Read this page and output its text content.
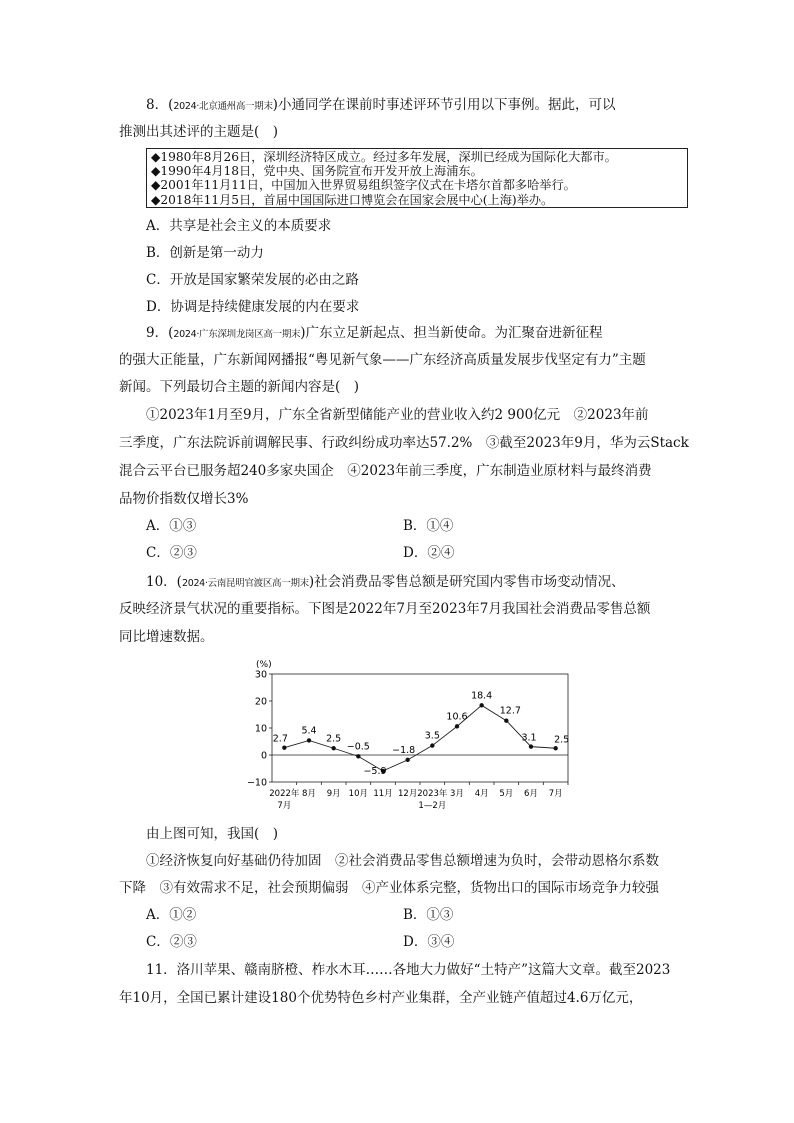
8．(2024·北京通州高一期末)小通同学在课前时事述评环节引用以下事例。据此，可以
推测出其述评的主题是(　)
◆1980年8月26日，深圳经济特区成立。经过多年发展，深圳已经成为国际化大都市。
◆1990年4月18日，党中央、国务院宣布开发开放上海浦东。
◆2001年11月11日，中国加入世界贸易组织签字仪式在卡塔尔首都多哈举行。
◆2018年11月5日，首届中国国际进口博览会在国家会展中心(上海)举办。
A．共享是社会主义的本质要求
B．创新是第一动力
C．开放是国家繁荣发展的必由之路
D．协调是持续健康发展的内在要求
9．(2024·广东深圳龙岗区高一期末)广东立足新起点、担当新使命。为汇聚奋进新征程
的强大正能量，广东新闻网播报“粤见新气象——广东经济高质量发展步伐坚定有力”主题
新闻。下列最切合主题的新闻内容是(　)
①2023年1月至9月，广东全省新型储能产业的营业收入约2 900亿元　②2023年前
三季度，广东法院诉前调解民事、行政纠纷成功率达57.2%　③截至2023年9月，华为云Stack
混合云平台已服务超240多家央国企　④2023年前三季度，广东制造业原材料与最终消费
品物价指数仅增长3%
A．①③	B．①④
C．②③	D．②④
10．(2024·云南昆明官渡区高一期末)社会消费品零售总额是研究国内零售市场变动情况、
反映经济景气状况的重要指标。下图是2022年7月至2023年7月我国社会消费品零售总额
同比增速数据。
(%)
30
20
10
0
−10
2022年
7月
8月 9月 10月 11月 12月 2023年
1—2月
3月 4月 5月 6月 7月
2.7
5.4
2.5
−0.5
−5.9
−1.8
3.5
10.6
18.4
12.7
3.1 2.5
由上图可知，我国(　)
①经济恢复向好基础仍待加固　②社会消费品零售总额增速为负时，会带动恩格尔系数
下降　③有效需求不足，社会预期偏弱　④产业体系完整，货物出口的国际市场竞争力较强
A．①②	B．①③
C．②③	D．③④
11．洛川苹果、赣南脐橙、柞水木耳……各地大力做好“土特产”这篇大文章。截至2023
年10月，全国已累计建设180个优势特色乡村产业集群，全产业链产值超过4.6万亿元，
